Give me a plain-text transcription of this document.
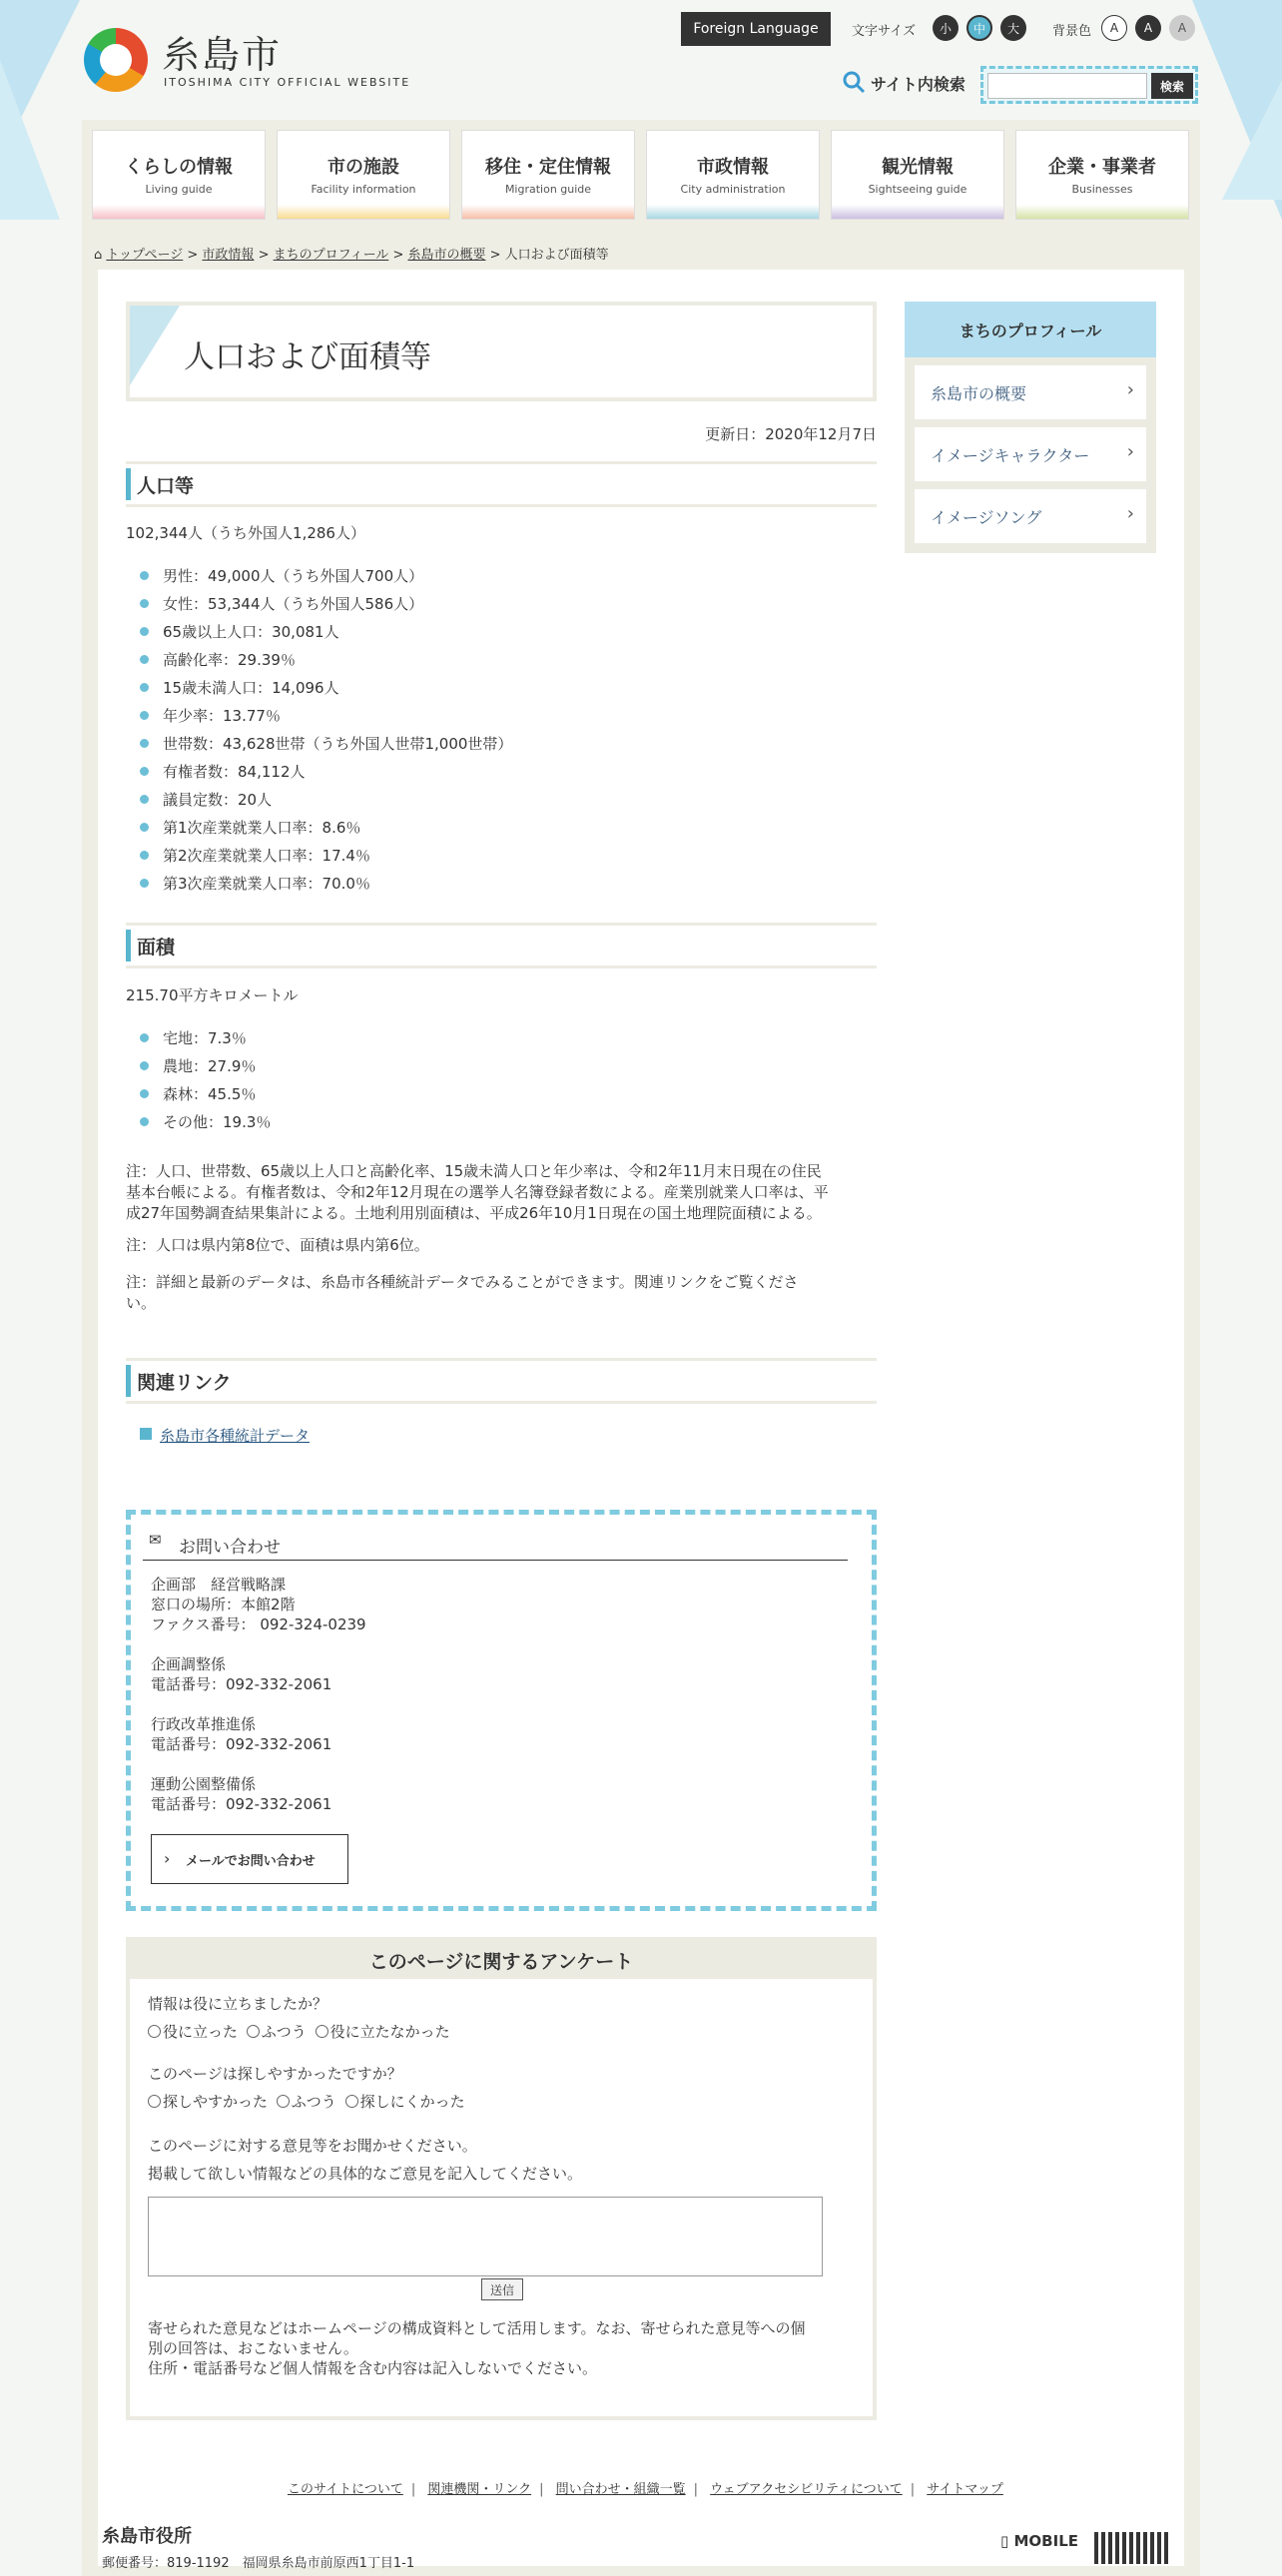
糸島市
ITOSHIMA CITY OFFICIAL WEBSITE
Foreign Language	文字サイズ	小	中	大	背景色	A	A	A
サイト内検索	検索
くらしの情報
Living guide
市の施設
Facility information
移住・定住情報
Migration guide
市政情報
City administration
観光情報
Sightseeing guide
企業・事業者
Businesses
⌂ トップページ > 市政情報 > まちのプロフィール > 糸島市の概要 > 人口および面積等
人口および面積等
更新日：2020年12月7日
人口等
102,344人（うち外国人1,286人）
男性：49,000人（うち外国人700人）
女性：53,344人（うち外国人586人）
65歳以上人口：30,081人
高齢化率：29.39％
15歳未満人口：14,096人
年少率：13.77％
世帯数：43,628世帯（うち外国人世帯1,000世帯）
有権者数：84,112人
議員定数：20人
第1次産業就業人口率：8.6％
第2次産業就業人口率：17.4％
第3次産業就業人口率：70.0％
面積
215.70平方キロメートル
宅地：7.3％
農地：27.9％
森林：45.5％
その他：19.3％
注：人口、世帯数、65歳以上人口と高齢化率、15歳未満人口と年少率は、令和2年11月末日現在の住民
基本台帳による。有権者数は、令和2年12月現在の選挙人名簿登録者数による。産業別就業人口率は、平
成27年国勢調査結果集計による。土地利用別面積は、平成26年10月1日現在の国土地理院面積による。
注：人口は県内第8位で、面積は県内第6位。
注：詳細と最新のデータは、糸島市各種統計データでみることができます。関連リンクをご覧くださ
い。
関連リンク
糸島市各種統計データ
✉ お問い合わせ
企画部　経営戦略課
窓口の場所：本館2階
ファクス番号： 092-324-0239
企画調整係
電話番号：092-332-2061
行政改革推進係
電話番号：092-332-2061
運動公園整備係
電話番号：092-332-2061
› メールでお問い合わせ
このページに関するアンケート
情報は役に立ちましたか？
役に立った
ふつう
役に立たなかった
このページは探しやすかったですか？
探しやすかった
ふつう
探しにくかった
このページに対する意見等をお聞かせください。
掲載して欲しい情報などの具体的なご意見を記入してください。
送信
寄せられた意見などはホームページの構成資料として活用します。なお、寄せられた意見等への個
別の回答は、おこないません。
住所・電話番号など個人情報を含む内容は記入しないでください。
まちのプロフィール
糸島市の概要	›
イメージキャラクター ›
イメージソング	›
このサイトについて | 関連機関・リンク | 問い合わせ・組織一覧 | ウェブアクセシビリティについて | サイトマップ
糸島市役所
郵便番号：819-1192　福岡県糸島市前原西1丁目1-1
▯ MOBILE
